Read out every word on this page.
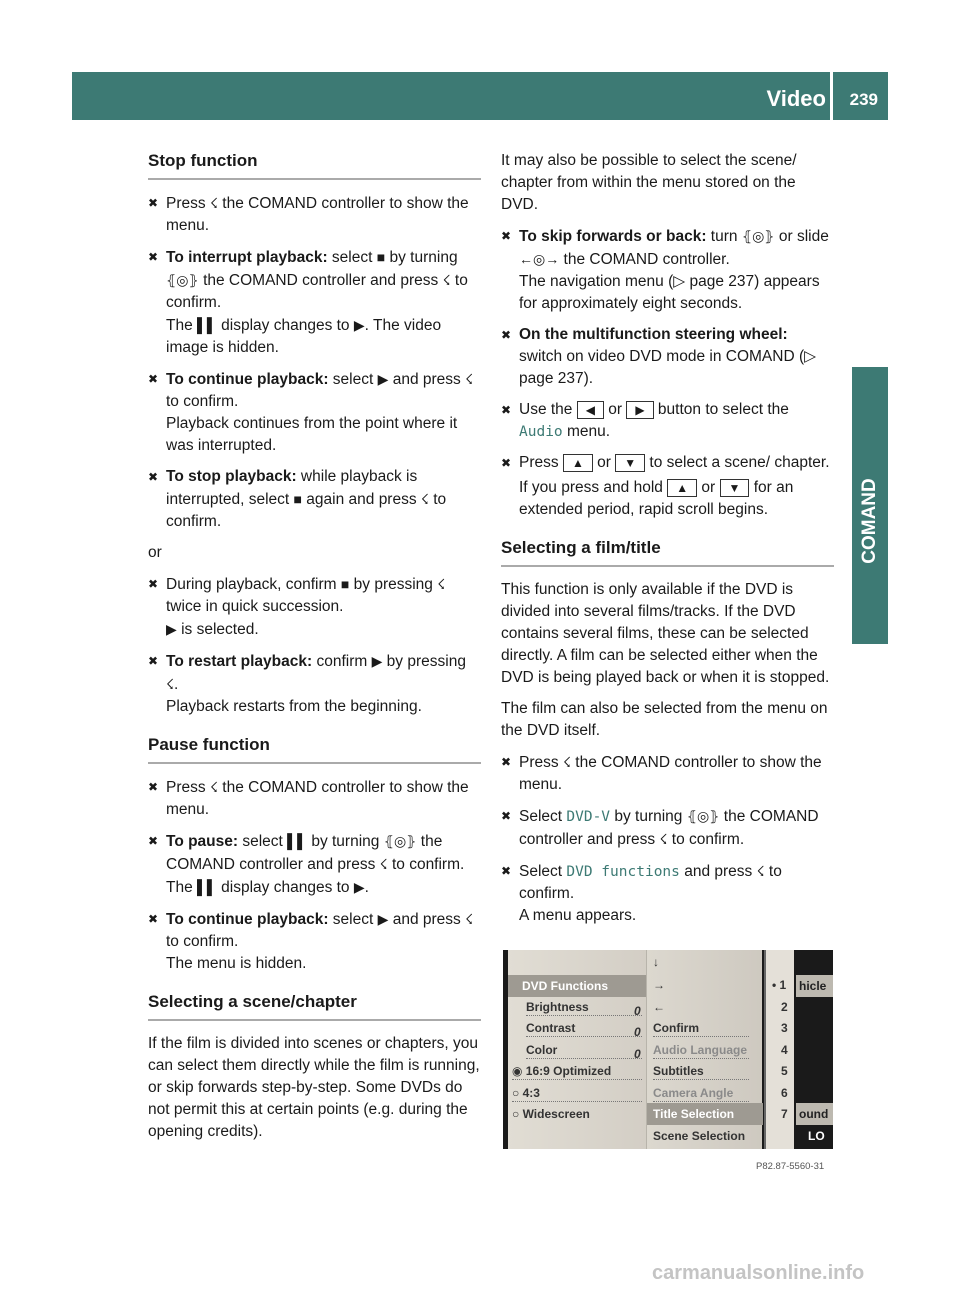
Video 239
COMAND
Stop function
✖ Press ☇ the COMAND controller to show the menu.

✖ To interrupt playback: select ■ by turning ⦃◎⦄ the COMAND controller and press ☇ to confirm.

The ▌▌ display changes to ▶. The video image is hidden.

✖ To continue playback: select ▶ and press ☇ to confirm.

Playback continues from the point where it was interrupted.

✖ To stop playback: while playback is interrupted, select ■ again and press ☇ to confirm.

or

✖ During playback, confirm ■ by pressing ☇ twice in quick succession.

▶ is selected.

✖ To restart playback: confirm ▶ by pressing ☇.

Playback restarts from the beginning.

Pause function
✖ Press ☇ the COMAND controller to show the menu.

✖ To pause: select ▌▌ by turning ⦃◎⦄ the COMAND controller and press ☇ to confirm.

The ▌▌ display changes to ▶.

✖ To continue playback: select ▶ and press ☇ to confirm.

The menu is hidden.

Selecting a scene/chapter

If the film is divided into scenes or chapters, you can select them directly while the film is running, or skip forwards step-by-step. Some DVDs do not permit this at certain points (e.g. during the opening credits).

It may also be possible to select the scene/ chapter from within the menu stored on the DVD.

✖ To skip forwards or back: turn ⦃◎⦄ or slide ←◎→ the COMAND controller.

The navigation menu (▷ page 237) appears for approximately eight seconds.

✖ On the multifunction steering wheel: switch on video DVD mode in COMAND (▷ page 237).

✖ Use the ◀ or ▶ button to select the Audio menu.

✖ Press ▲ or ▼ to select a scene/ chapter.

If you press and hold ▲ or ▼ for an extended period, rapid scroll begins.

Selecting a film/title

This function is only available if the DVD is divided into several films/tracks. If the DVD contains several films, these can be selected directly. A film can be selected either when the DVD is being played back or when it is stopped.

The film can also be selected from the menu on the DVD itself.

✖ Press ☇ the COMAND controller to show the menu.

✖ Select DVD-V by turning ⦃◎⦄ the COMAND controller and press ☇ to confirm.

✖ Select DVD functions and press ☇ to confirm.

A menu appears.

DVD Functions
Brightness	0
Contrast	0
Color	0
◉ 16:9 Optimized
○ 4:3
○ Widescreen
↓
→
←
Confirm
Audio Language
Subtitles
Camera Angle
Title Selection
Scene Selection
• 1
2
3
4
5
6
7
hicle
ound
LO
P82.87-5560-31
carmanualsonline.info
